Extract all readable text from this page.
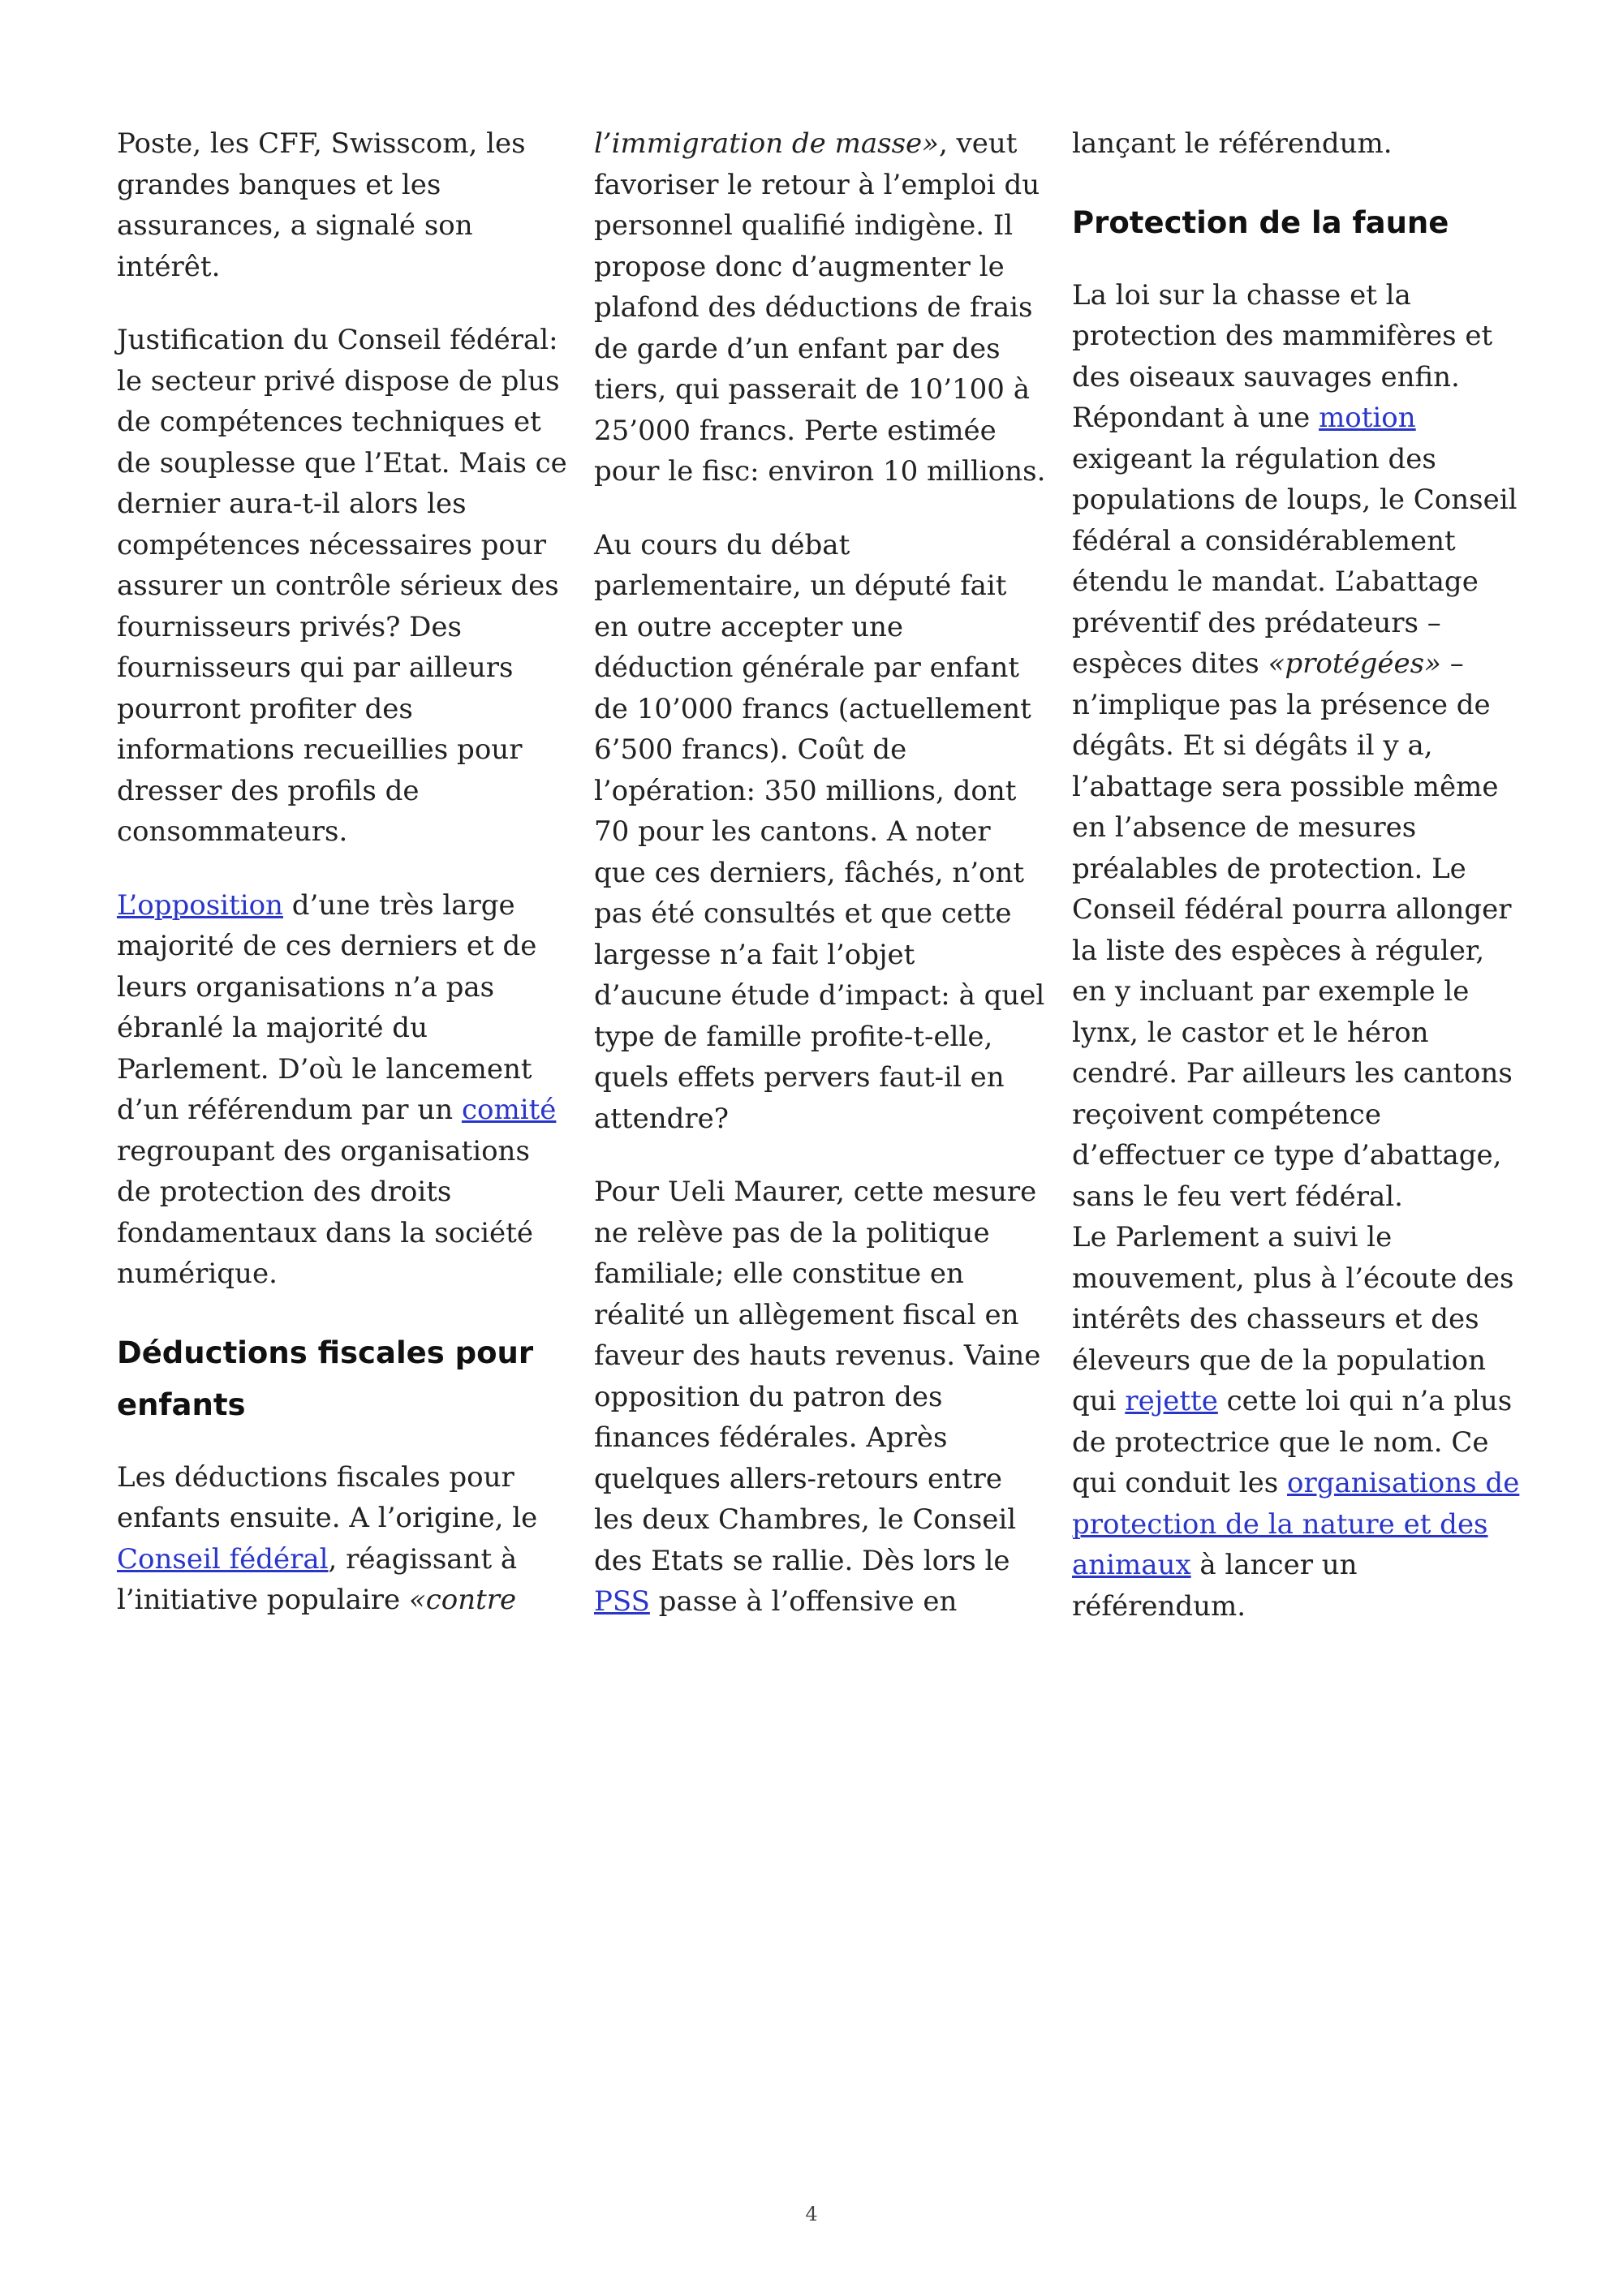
Poste, les CFF, Swisscom, les grandes banques et les assurances, a signalé son intérêt.

Justification du Conseil fédéral: le secteur privé dispose de plus de compétences techniques et de souplesse que l’Etat. Mais ce dernier aura-t-il alors les compétences nécessaires pour assurer un contrôle sérieux des fournisseurs privés? Des fournisseurs qui par ailleurs pourront profiter des informations recueillies pour dresser des profils de consommateurs.

L’opposition d’une très large majorité de ces derniers et de leurs organisations n’a pas ébranlé la majorité du Parlement. D’où le lancement d’un référendum par un comité regroupant des organisations de protection des droits fondamentaux dans la société numérique.

Déductions fiscales pour enfants

Les déductions fiscales pour enfants ensuite. A l’origine, le Conseil fédéral, réagissant à l’initiative populaire «contre

l’immigration de masse», veut favoriser le retour à l’emploi du personnel qualifié indigène. Il propose donc d’augmenter le plafond des déductions de frais de garde d’un enfant par des tiers, qui passerait de 10’100 à 25’000 francs. Perte estimée pour le fisc: environ 10 millions.

Au cours du débat parlementaire, un député fait en outre accepter une déduction générale par enfant de 10’000 francs (actuellement 6’500 francs). Coût de l’opération: 350 millions, dont 70 pour les cantons. A noter que ces derniers, fâchés, n’ont pas été consultés et que cette largesse n’a fait l’objet d’aucune étude d’impact: à quel type de famille profite-t-elle, quels effets pervers faut-il en attendre?

Pour Ueli Maurer, cette mesure ne relève pas de la politique familiale; elle constitue en réalité un allègement fiscal en faveur des hauts revenus. Vaine opposition du patron des finances fédérales. Après quelques allers-retours entre les deux Chambres, le Conseil des Etats se rallie. Dès lors le PSS passe à l’offensive en

lançant le référendum.

Protection de la faune

La loi sur la chasse et la protection des mammifères et des oiseaux sauvages enfin. Répondant à une motion exigeant la régulation des populations de loups, le Conseil fédéral a considérablement étendu le mandat. L’abattage préventif des prédateurs – espèces dites «protégées» – n’implique pas la présence de dégâts. Et si dégâts il y a, l’abattage sera possible même en l’absence de mesures préalables de protection. Le Conseil fédéral pourra allonger la liste des espèces à réguler, en y incluant par exemple le lynx, le castor et le héron cendré. Par ailleurs les cantons reçoivent compétence d’effectuer ce type d’abattage, sans le feu vert fédéral.

Le Parlement a suivi le mouvement, plus à l’écoute des intérêts des chasseurs et des éleveurs que de la population qui rejette cette loi qui n’a plus de protectrice que le nom. Ce qui conduit les organisations de protection de la nature et des animaux à lancer un référendum.

4
